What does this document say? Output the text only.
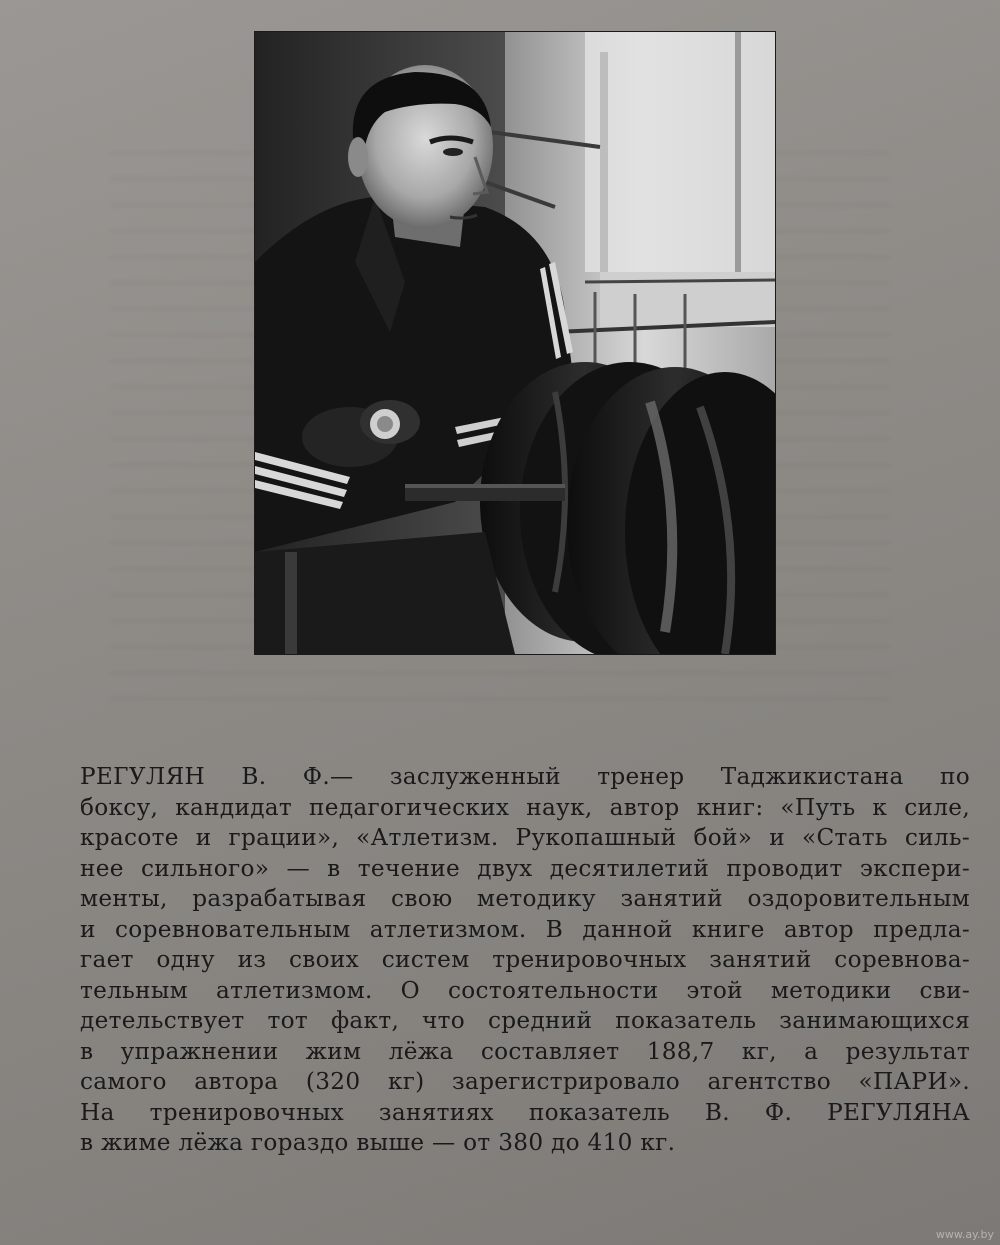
РЕГУЛЯН В. Ф.— заслуженный тренер Таджикистана по
боксу, кандидат педагогических наук, автор книг: «Путь к силе,
красоте и грации», «Атлетизм. Рукопашный бой» и «Стать силь-
нее сильного» — в течение двух десятилетий проводит экспери-
менты, разрабатывая свою методику занятий оздоровительным
и соревновательным атлетизмом. В данной книге автор предла-
гает одну из своих систем тренировочных занятий соревнова-
тельным атлетизмом. О состоятельности этой методики сви-
детельствует тот факт, что средний показатель занимающихся
в упражнении жим лёжа составляет 188,7 кг, а результат
самого автора (320 кг) зарегистрировало агентство «ПАРИ».
На тренировочных занятиях показатель В. Ф. РЕГУЛЯНА
в жиме лёжа гораздо выше — от 380 до 410 кг.
www.ay.by
